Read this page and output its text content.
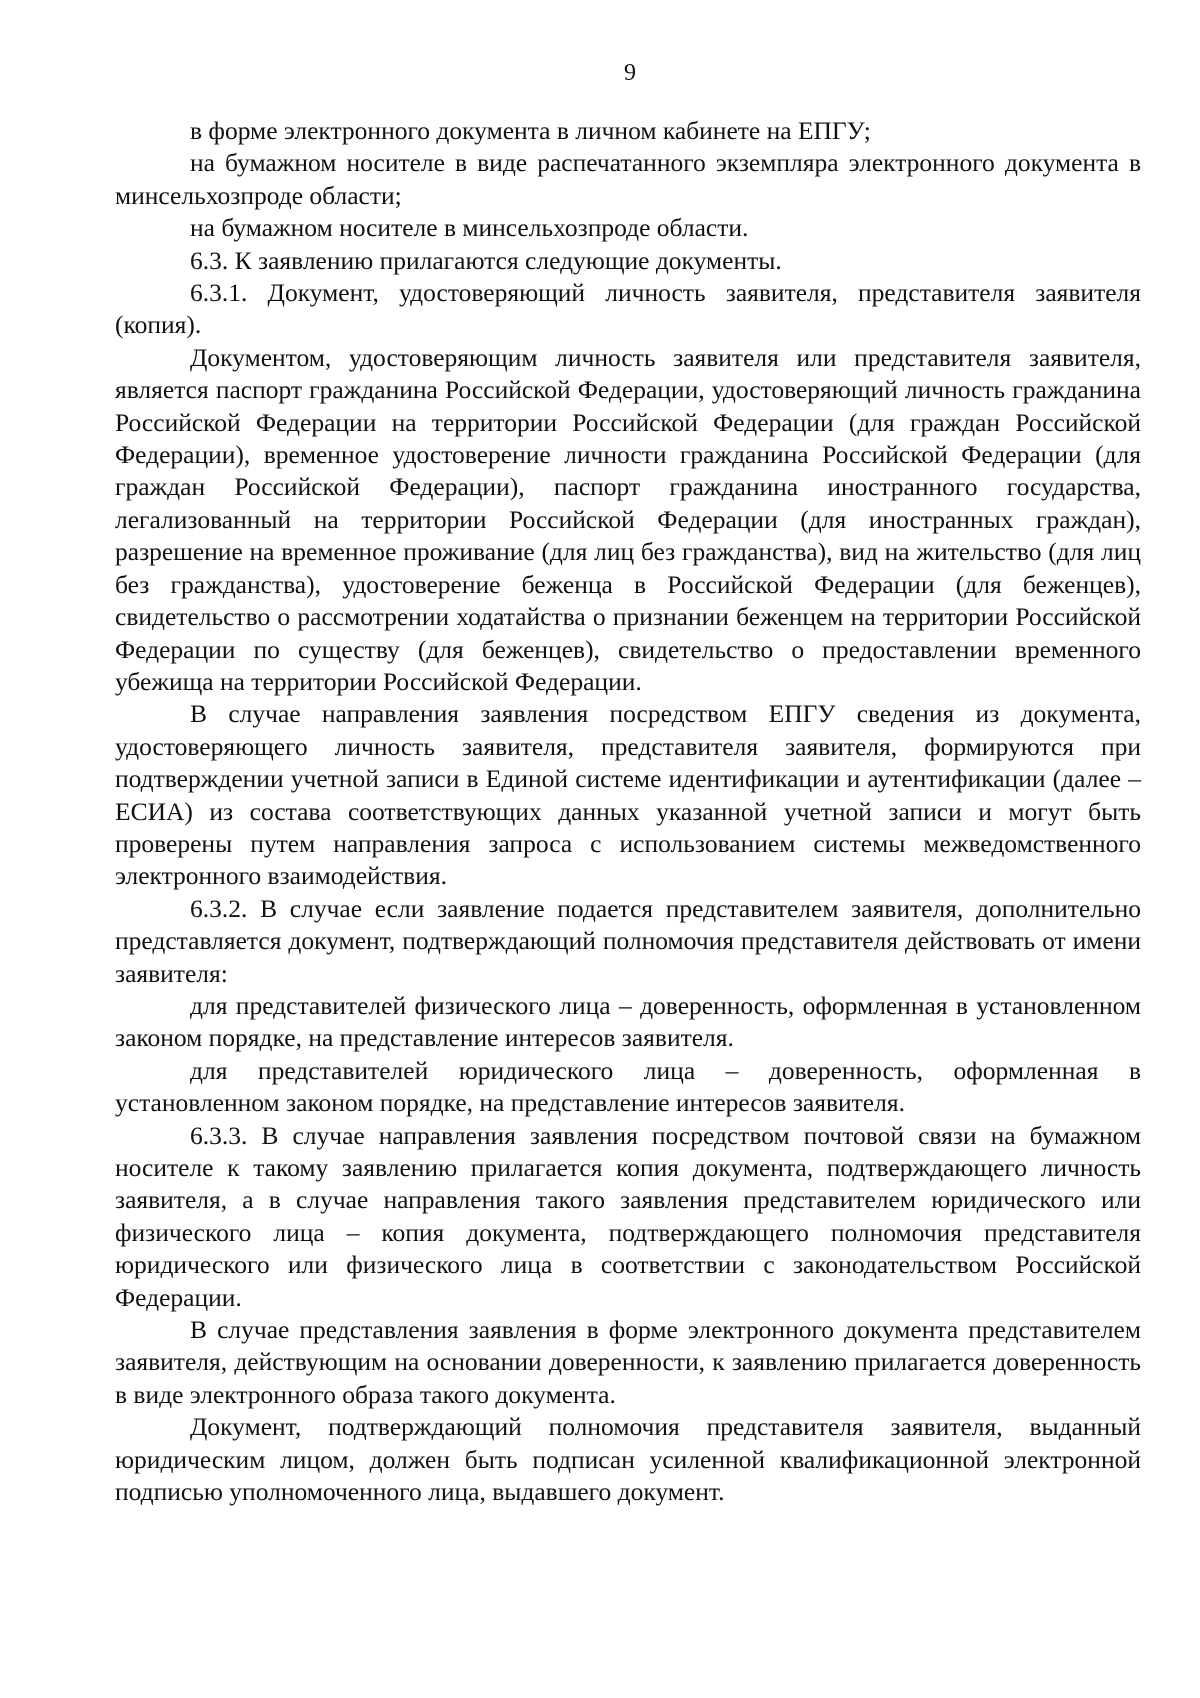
9

в форме электронного документа в личном кабинете на ЕПГУ;

на бумажном носителе в виде распечатанного экземпляра электронного документа в минсельхозпроде области;

на бумажном носителе в минсельхозпроде области.

6.3. К заявлению прилагаются следующие документы.

6.3.1. Документ, удостоверяющий личность заявителя, представителя заявителя (копия).

Документом, удостоверяющим личность заявителя или представителя заявителя, является паспорт гражданина Российской Федерации, удостоверяющий личность гражданина Российской Федерации на территории Российской Федерации (для граждан Российской Федерации), временное удостоверение личности гражданина Российской Федерации (для граждан Российской Федерации), паспорт гражданина иностранного государства, легализованный на территории Российской Федерации (для иностранных граждан), разрешение на временное проживание (для лиц без гражданства), вид на жительство (для лиц без гражданства), удостоверение беженца в Российской Федерации (для беженцев), свидетельство о рассмотрении ходатайства о признании беженцем на территории Российской Федерации по существу (для беженцев), свидетельство о предоставлении временного убежища на территории Российской Федерации.

В случае направления заявления посредством ЕПГУ сведения из документа, удостоверяющего личность заявителя, представителя заявителя, формируются при подтверждении учетной записи в Единой системе идентификации и аутентификации (далее – ЕСИА) из состава соответствующих данных указанной учетной записи и могут быть проверены путем направления запроса с использованием системы межведомственного электронного взаимодействия.

6.3.2. В случае если заявление подается представителем заявителя, дополнительно представляется документ, подтверждающий полномочия представителя действовать от имени заявителя:

для представителей физического лица – доверенность, оформленная в установленном законом порядке, на представление интересов заявителя.

для представителей юридического лица – доверенность, оформленная в установленном законом порядке, на представление интересов заявителя.

6.3.3. В случае направления заявления посредством почтовой связи на бумажном носителе к такому заявлению прилагается копия документа, подтверждающего личность заявителя, а в случае направления такого заявления представителем юридического или физического лица – копия документа, подтверждающего полномочия представителя юридического или физического лица в соответствии с законодательством Российской Федерации.

В случае представления заявления в форме электронного документа представителем заявителя, действующим на основании доверенности, к заявлению прилагается доверенность в виде электронного образа такого документа.

Документ, подтверждающий полномочия представителя заявителя, выданный юридическим лицом, должен быть подписан усиленной квалификационной электронной подписью уполномоченного лица, выдавшего документ.
